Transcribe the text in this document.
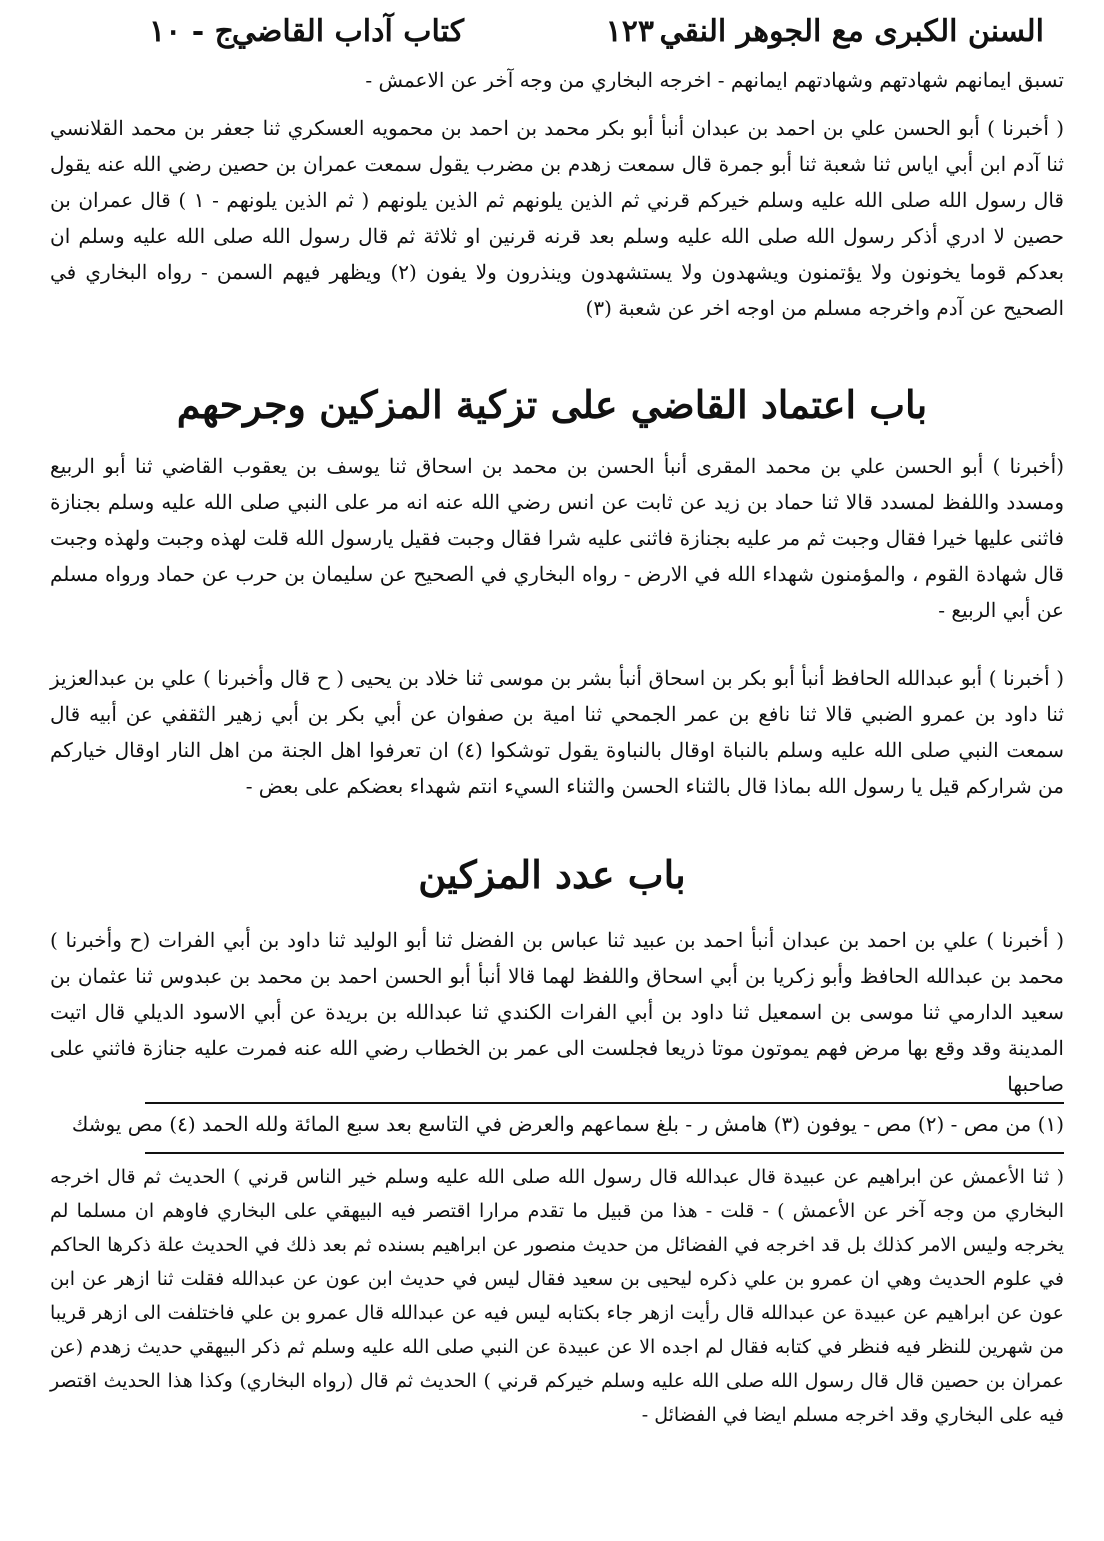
السنن الكبرى مع الجوهر النقي
١٢٣
كتاب آداب القاضي
ج - ١٠
تسبق ايمانهم شهادتهم وشهادتهم ايمانهم - اخرجه البخاري من وجه آخر عن الاعمش -
( أخبرنا ) أبو الحسن علي بن احمد بن عبدان أنبأ أبو بكر محمد بن احمد بن محمويه العسكري ثنا جعفر بن محمد القلانسي ثنا آدم ابن أبي اياس ثنا شعبة ثنا أبو جمرة قال سمعت زهدم بن مضرب يقول سمعت عمران بن حصين رضي الله عنه يقول قال رسول الله صلى الله عليه وسلم خيركم قرني ثم الذين يلونهم ثم الذين يلونهم ( ثم الذين يلونهم - ١ ) قال عمران بن حصين لا ادري أذكر رسول الله صلى الله عليه وسلم بعد قرنه قرنين او ثلاثة ثم قال رسول الله صلى الله عليه وسلم ان بعدكم قوما يخونون ولا يؤتمنون ويشهدون ولا يستشهدون وينذرون ولا يفون (٢) ويظهر فيهم السمن - رواه البخاري في الصحيح عن آدم واخرجه مسلم من اوجه اخر عن شعبة (٣)
باب اعتماد القاضي على تزكية المزكين وجرحهم
(أخبرنا ) أبو الحسن علي بن محمد المقرى أنبأ الحسن بن محمد بن اسحاق ثنا يوسف بن يعقوب القاضي ثنا أبو الربيع ومسدد واللفظ لمسدد قالا ثنا حماد بن زيد عن ثابت عن انس رضي الله عنه انه مر على النبي صلى الله عليه وسلم بجنازة فاثنى عليها خيرا فقال وجبت ثم مر عليه بجنازة فاثنى عليه شرا فقال وجبت فقيل يارسول الله قلت لهذه وجبت ولهذه وجبت قال شهادة القوم ، والمؤمنون شهداء الله في الارض - رواه البخاري في الصحيح عن سليمان بن حرب عن حماد ورواه مسلم عن أبي الربيع -
( أخبرنا ) أبو عبدالله الحافظ أنبأ أبو بكر بن اسحاق أنبأ بشر بن موسى ثنا خلاد بن يحيى ( ح قال وأخبرنا ) علي بن عبدالعزيز ثنا داود بن عمرو الضبي قالا ثنا نافع بن عمر الجمحي ثنا امية بن صفوان عن أبي بكر بن أبي زهير الثقفي عن أبيه قال سمعت النبي صلى الله عليه وسلم بالنباة اوقال بالنباوة يقول توشكوا (٤) ان تعرفوا اهل الجنة من اهل النار اوقال خياركم من شراركم قيل يا رسول الله بماذا قال بالثناء الحسن والثناء السيء انتم شهداء بعضكم على بعض -
باب عدد المزكين
( أخبرنا ) علي بن احمد بن عبدان أنبأ احمد بن عبيد ثنا عباس بن الفضل ثنا أبو الوليد ثنا داود بن أبي الفرات (ح وأخبرنا ) محمد بن عبدالله الحافظ وأبو زكريا بن أبي اسحاق واللفظ لهما قالا أنبأ أبو الحسن احمد بن محمد بن عبدوس ثنا عثمان بن سعيد الدارمي ثنا موسى بن اسمعيل ثنا داود بن أبي الفرات الكندي ثنا عبدالله بن بريدة عن أبي الاسود الديلي قال اتيت المدينة وقد وقع بها مرض فهم يموتون موتا ذريعا فجلست الى عمر بن الخطاب رضي الله عنه فمرت عليه جنازة فاثني على صاحبها
(١) من مص - (٢) مص - يوفون (٣) هامش ر - بلغ سماعهم والعرض في التاسع بعد سبع المائة ولله الحمد (٤) مص يوشك
( ثنا الأعمش عن ابراهيم عن عبيدة قال عبدالله قال رسول الله صلى الله عليه وسلم خير الناس قرني ) الحديث ثم قال اخرجه البخاري من وجه آخر عن الأعمش ) - قلت - هذا من قبيل ما تقدم مرارا اقتصر فيه البيهقي على البخاري فاوهم ان مسلما لم يخرجه وليس الامر كذلك بل قد اخرجه في الفضائل من حديث منصور عن ابراهيم بسنده ثم بعد ذلك في الحديث علة ذكرها الحاكم في علوم الحديث وهي ان عمرو بن علي ذكره ليحيى بن سعيد فقال ليس في حديث ابن عون عن عبدالله فقلت ثنا ازهر عن ابن عون عن ابراهيم عن عبيدة عن عبدالله قال رأيت ازهر جاء بكتابه ليس فيه عن عبدالله قال عمرو بن علي فاختلفت الى ازهر قريبا من شهرين للنظر فيه فنظر في كتابه فقال لم اجده الا عن عبيدة عن النبي صلى الله عليه وسلم ثم ذكر البيهقي حديث زهدم (عن عمران بن حصين قال قال رسول الله صلى الله عليه وسلم خيركم قرني ) الحديث ثم قال (رواه البخاري) وكذا هذا الحديث اقتصر فيه على البخاري وقد اخرجه مسلم ايضا في الفضائل -
